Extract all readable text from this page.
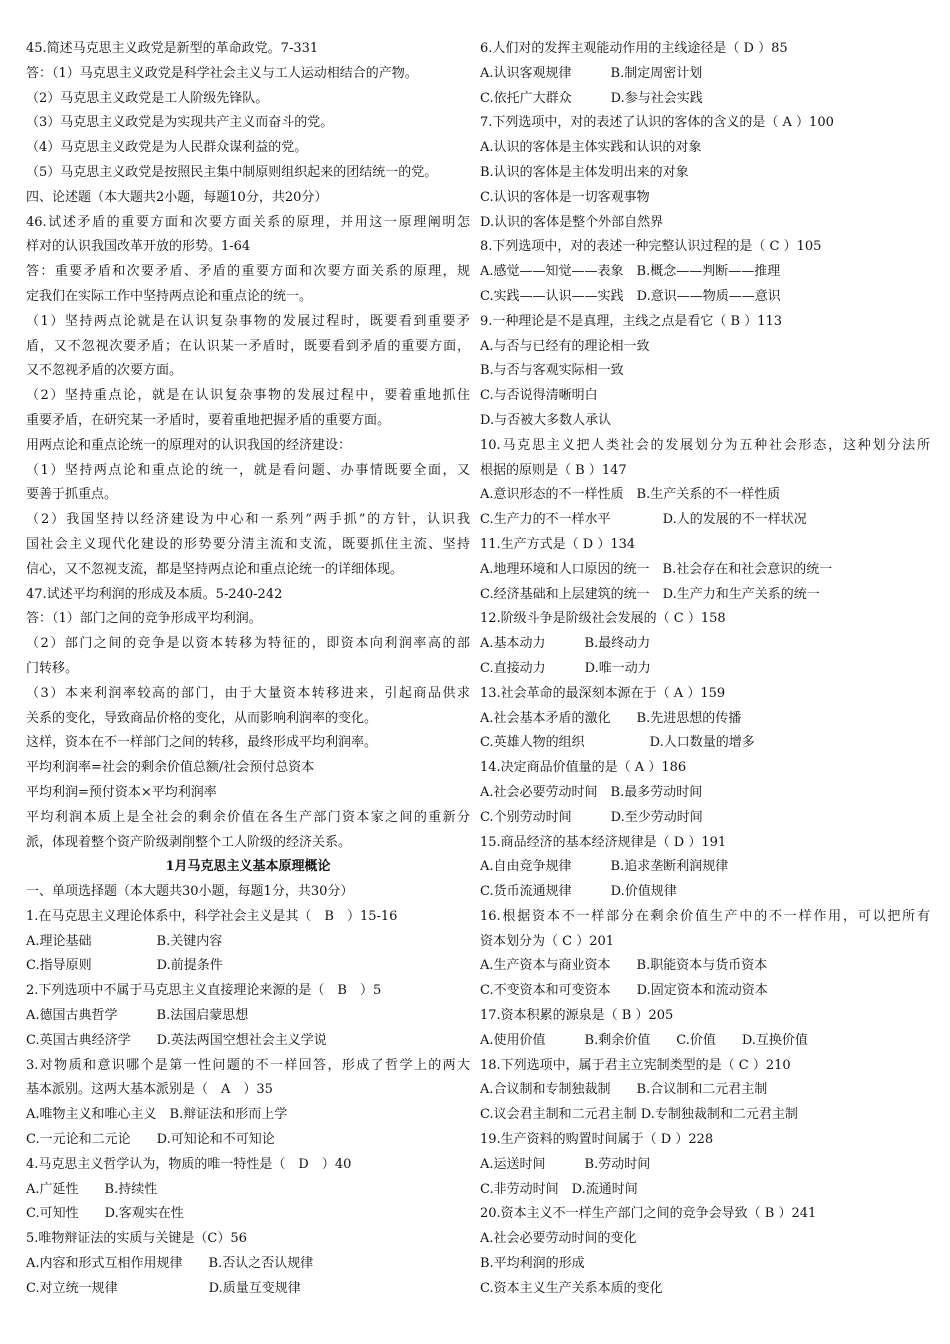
45.简述马克思主义政党是新型的革命政党。7-331
答：（1）马克思主义政党是科学社会主义与工人运动相结合的产物。
（2）马克思主义政党是工人阶级先锋队。
（3）马克思主义政党是为实现共产主义而奋斗的党。
（4）马克思主义政党是为人民群众谋利益的党。
（5）马克思主义政党是按照民主集中制原则组织起来的团结统一的党。
四、论述题（本大题共2小题，每题10分，共20分）
46.试述矛盾的重要方面和次要方面关系的原理，并用这一原理阐明怎
样对的认识我国改革开放的形势。1-64
答：重要矛盾和次要矛盾、矛盾的重要方面和次要方面关系的原理，规
定我们在实际工作中坚持两点论和重点论的统一。
（1）坚持两点论就是在认识复杂事物的发展过程时，既要看到重要矛
盾，又不忽视次要矛盾；在认识某一矛盾时，既要看到矛盾的重要方面，
又不忽视矛盾的次要方面。
（2）坚持重点论，就是在认识复杂事物的发展过程中，要着重地抓住
重要矛盾，在研究某一矛盾时，要着重地把握矛盾的重要方面。
用两点论和重点论统一的原理对的认识我国的经济建设：
（1）坚持两点论和重点论的统一，就是看问题、办事情既要全面，又
要善于抓重点。
（2）我国坚持以经济建设为中心和一系列“两手抓”的方针，认识我
国社会主义现代化建设的形势要分清主流和支流，既要抓住主流、坚持
信心，又不忽视支流，都是坚持两点论和重点论统一的详细体现。
47.试述平均利润的形成及本质。5-240-242
答：（1）部门之间的竞争形成平均利润。
（2）部门之间的竞争是以资本转移为特征的，即资本向利润率高的部
门转移。
（3）本来利润率较高的部门，由于大量资本转移进来，引起商品供求
关系的变化，导致商品价格的变化，从而影响利润率的变化。
这样，资本在不一样部门之间的转移，最终形成平均利润率。
平均利润率=社会的剩余价值总额/社会预付总资本
平均利润=预付资本×平均利润率
平均利润本质上是全社会的剩余价值在各生产部门资本家之间的重新分
派，体现着整个资产阶级剥削整个工人阶级的经济关系。
1月马克思主义基本原理概论
一、单项选择题（本大题共30小题，每题1分，共30分）
1.在马克思主义理论体系中，科学社会主义是其（　B　）15-16
A.理论基础　　　　　B.关键内容
C.指导原则　　　　　D.前提条件
2.下列选项中不属于马克思主义直接理论来源的是（　B　）5
A.德国古典哲学　　　B.法国启蒙思想
C.英国古典经济学　　D.英法两国空想社会主义学说
3.对物质和意识哪个是第一性问题的不一样回答，形成了哲学上的两大
基本派别。这两大基本派别是（　A　）35
A.唯物主义和唯心主义　B.辩证法和形而上学
C.一元论和二元论　　D.可知论和不可知论
4.马克思主义哲学认为，物质的唯一特性是（　D　）40
A.广延性　　B.持续性
C.可知性　　D.客观实在性
5.唯物辩证法的实质与关键是（C）56
A.内容和形式互相作用规律　　B.否认之否认规律
C.对立统一规律　　　　　　　D.质量互变规律
6.人们对的发挥主观能动作用的主线途径是（ D ）85
A.认识客观规律　　　B.制定周密计划
C.依托广大群众　　　D.参与社会实践
7.下列选项中，对的表述了认识的客体的含义的是（ A ）100
A.认识的客体是主体实践和认识的对象
B.认识的客体是主体发明出来的对象
C.认识的客体是一切客观事物
D.认识的客体是整个外部自然界
8.下列选项中，对的表述一种完整认识过程的是（ C ）105
A.感觉——知觉——表象　B.概念——判断——推理
C.实践——认识——实践　D.意识——物质——意识
9.一种理论是不是真理，主线之点是看它（ B ）113
A.与否与已经有的理论相一致
B.与否与客观实际相一致
C.与否说得清晰明白
D.与否被大多数人承认
10.马克思主义把人类社会的发展划分为五种社会形态，这种划分法所
根据的原则是（ B ）147
A.意识形态的不一样性质　B.生产关系的不一样性质
C.生产力的不一样水平　　　　D.人的发展的不一样状况
11.生产方式是（ D ）134
A.地理环境和人口原因的统一　B.社会存在和社会意识的统一
C.经济基础和上层建筑的统一　D.生产力和生产关系的统一
12.阶级斗争是阶级社会发展的（ C ）158
A.基本动力　　　B.最终动力
C.直接动力　　　D.唯一动力
13.社会革命的最深刻本源在于（ A ）159
A.社会基本矛盾的激化　　B.先进思想的传播
C.英雄人物的组织　　　　　D.人口数量的增多
14.决定商品价值量的是（ A ）186
A.社会必要劳动时间　B.最多劳动时间
C.个别劳动时间　　　D.至少劳动时间
15.商品经济的基本经济规律是（ D ）191
A.自由竞争规律　　　B.追求垄断利润规律
C.货币流通规律　　　D.价值规律
16.根据资本不一样部分在剩余价值生产中的不一样作用，可以把所有
资本划分为（ C ）201
A.生产资本与商业资本　　B.职能资本与货币资本
C.不变资本和可变资本　　D.固定资本和流动资本
17.资本积累的源泉是（ B ）205
A.使用价值　　　B.剩余价值　　C.价值　　D.互换价值
18.下列选项中，属于君主立宪制类型的是（ C ）210
A.合议制和专制独裁制　　B.合议制和二元君主制
C.议会君主制和二元君主制 D.专制独裁制和二元君主制
19.生产资料的购置时间属于（ D ）228
A.运送时间　　　B.劳动时间
C.非劳动时间　D.流通时间
20.资本主义不一样生产部门之间的竞争会导致（ B ）241
A.社会必要劳动时间的变化
B.平均利润的形成
C.资本主义生产关系本质的变化
